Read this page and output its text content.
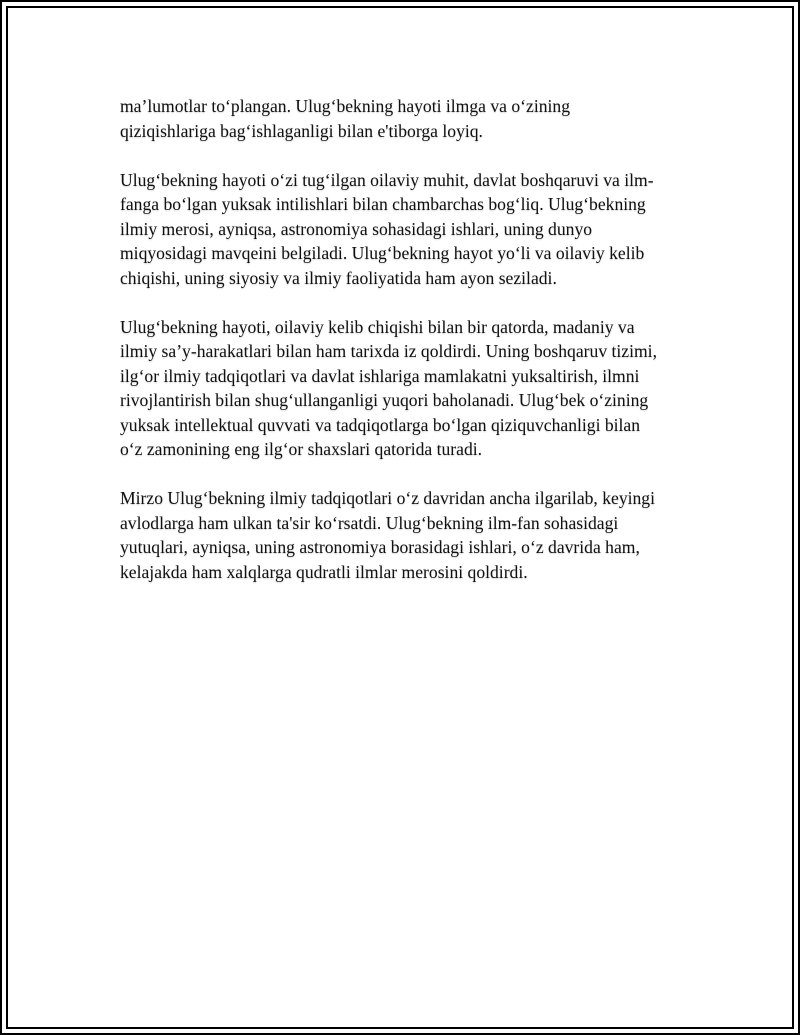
ma’lumotlar to‘plangan. Ulug‘bekning hayoti ilmga va o‘zining
qiziqishlariga bag‘ishlaganligi bilan e'tiborga loyiq.

Ulug‘bekning hayoti o‘zi tug‘ilgan oilaviy muhit, davlat boshqaruvi va ilm-
fanga bo‘lgan yuksak intilishlari bilan chambarchas bog‘liq. Ulug‘bekning
ilmiy merosi, ayniqsa, astronomiya sohasidagi ishlari, uning dunyo
miqyosidagi mavqeini belgiladi. Ulug‘bekning hayot yo‘li va oilaviy kelib
chiqishi, uning siyosiy va ilmiy faoliyatida ham ayon seziladi.

Ulug‘bekning hayoti, oilaviy kelib chiqishi bilan bir qatorda, madaniy va
ilmiy sa’y-harakatlari bilan ham tarixda iz qoldirdi. Uning boshqaruv tizimi,
ilg‘or ilmiy tadqiqotlari va davlat ishlariga mamlakatni yuksaltirish, ilmni
rivojlantirish bilan shug‘ullanganligi yuqori baholanadi. Ulug‘bek o‘zining
yuksak intellektual quvvati va tadqiqotlarga bo‘lgan qiziquvchanligi bilan
o‘z zamonining eng ilg‘or shaxslari qatorida turadi.

Mirzo Ulug‘bekning ilmiy tadqiqotlari o‘z davridan ancha ilgarilab, keyingi
avlodlarga ham ulkan ta'sir ko‘rsatdi. Ulug‘bekning ilm-fan sohasidagi
yutuqlari, ayniqsa, uning astronomiya borasidagi ishlari, o‘z davrida ham,
kelajakda ham xalqlarga qudratli ilmlar merosini qoldirdi.
